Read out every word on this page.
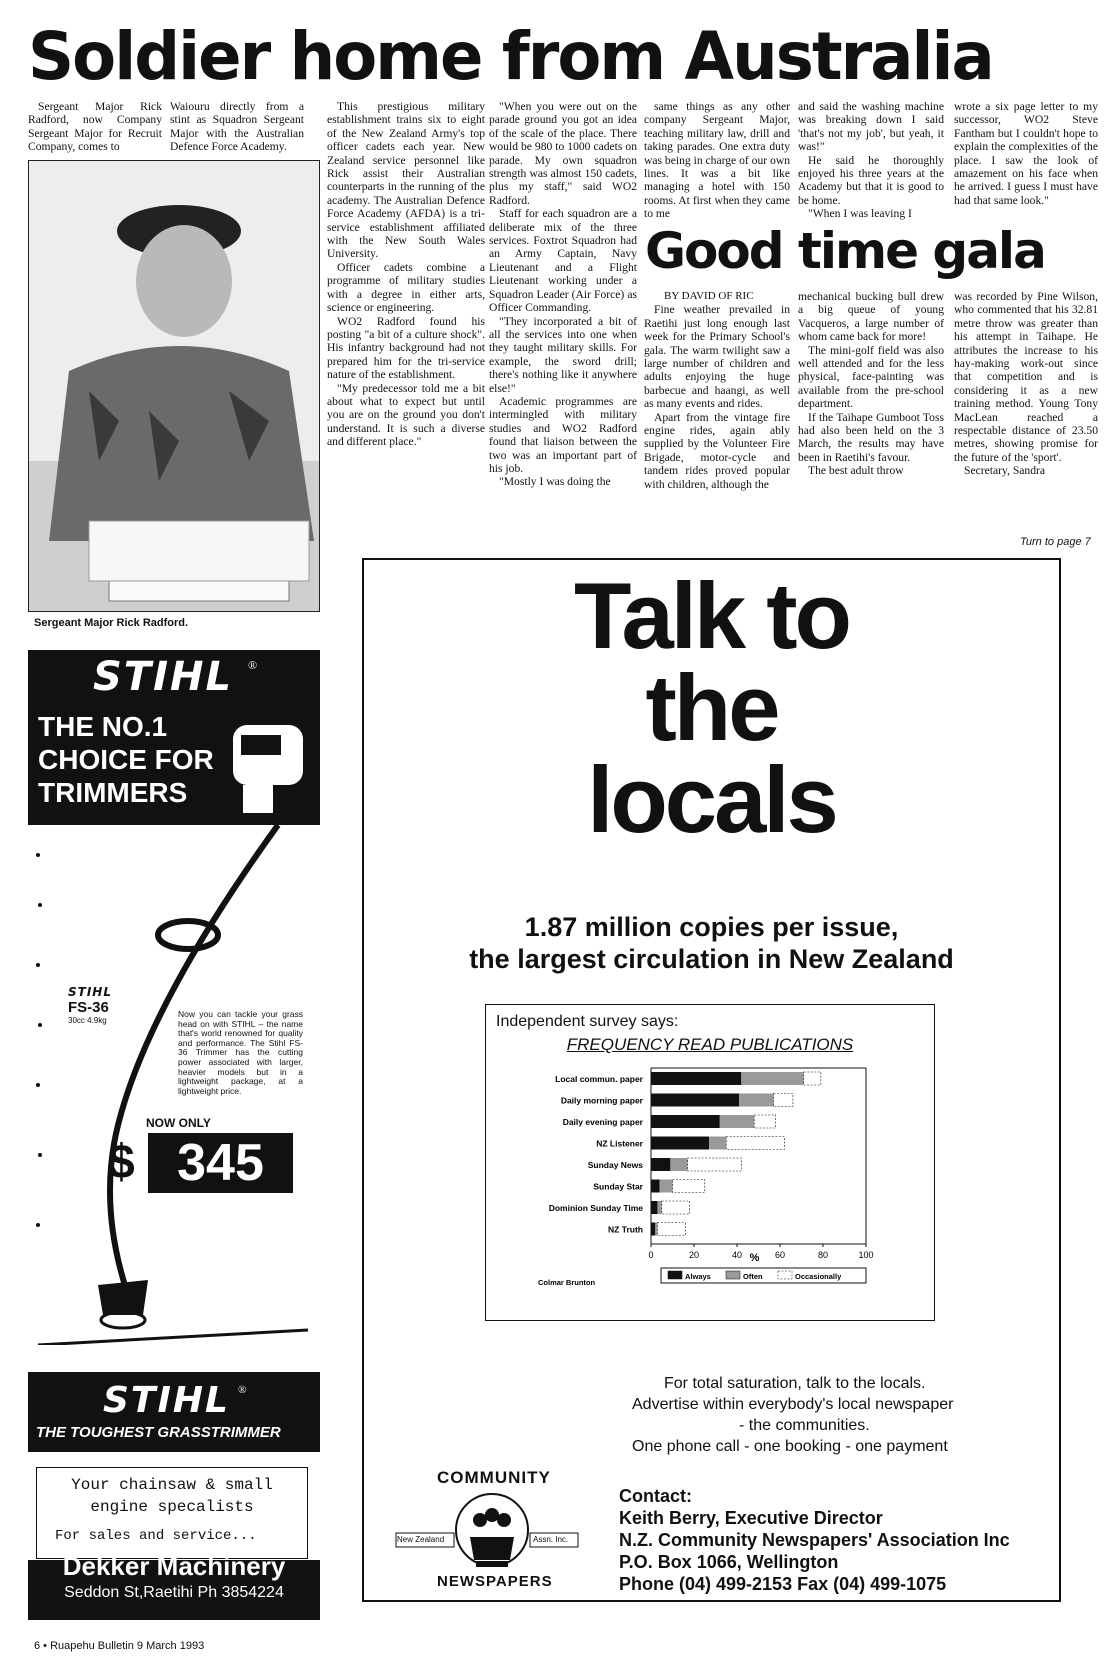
Soldier home from Australia

Sergeant Major Rick Radford, now Company Sergeant Major for Recruit Company, comes to

Waiouru directly from a stint as Squadron Sergeant Major with the Australian Defence Force Academy.

Sergeant Major Rick Radford.

This prestigious military establishment trains six to eight of the New Zealand Army's top officer cadets each year. New Zealand service personnel like Rick assist their Australian counterparts in the running of the academy. The Australian Defence Force Academy (AFDA) is a tri-service establishment affiliated with the New South Wales University.

Officer cadets combine a programme of military studies with a degree in either arts, science or engineering.

WO2 Radford found his posting "a bit of a culture shock". His infantry background had not prepared him for the tri-service nature of the establishment.

"My predecessor told me a bit about what to expect but until you are on the ground you don't understand. It is such a diverse and different place."

"When you were out on the parade ground you got an idea of the scale of the place. There would be 980 to 1000 cadets on parade. My own squadron strength was almost 150 cadets, plus my staff," said WO2 Radford.

Staff for each squadron are a deliberate mix of the three services. Foxtrot Squadron had an Army Captain, Navy Lieutenant and a Flight Lieutenant working under a Squadron Leader (Air Force) as Officer Commanding.

"They incorporated a bit of all the services into one when they taught military skills. For example, the sword drill; there's nothing like it anywhere else!"

Academic programmes are intermingled with military studies and WO2 Radford found that liaison between the two was an important part of his job.

"Mostly I was doing the

same things as any other company Sergeant Major, teaching military law, drill and taking parades. One extra duty was being in charge of our own lines. It was a bit like managing a hotel with 150 rooms. At first when they came to me

and said the washing machine was breaking down I said 'that's not my job', but yeah, it was!"

He said he thoroughly enjoyed his three years at the Academy but that it is good to be home.

"When I was leaving I

wrote a six page letter to my successor, WO2 Steve Fantham but I couldn't hope to explain the complexities of the place. I saw the look of amazement on his face when he arrived. I guess I must have had that same look."

Good time gala

BY DAVID OF RIC

Fine weather prevailed in Raetihi just long enough last week for the Primary School's gala. The warm twilight saw a large number of children and adults enjoying the huge barbecue and haangi, as well as many events and rides.

Apart from the vintage fire engine rides, again ably supplied by the Volunteer Fire Brigade, motor-cycle and tandem rides proved popular with children, although the

mechanical bucking bull drew a big queue of young Vacqueros, a large number of whom came back for more!

The mini-golf field was also well attended and for the less physical, face-painting was available from the pre-school department.

If the Taihape Gumboot Toss had also been held on the 3 March, the results may have been in Raetihi's favour.

The best adult throw

was recorded by Pine Wilson, who commented that his 32.81 metre throw was greater than his attempt in Taihape. He attributes the increase to his hay-making work-out since that competition and is considering it as a new training method. Young Tony MacLean reached a respectable distance of 23.50 metres, showing promise for the future of the 'sport'.

Secretary, Sandra

Turn to page 7
STIHL ®
THE NO.1
CHOICE FOR
TRIMMERS
STIHL
FS-36
30cc 4.9kg
Now you can tackle your grass head on with STIHL – the name that's world renowned for quality and performance. The Stihl FS-36 Trimmer has the cutting power associated with larger, heavier models but in a lightweight package, at a lightweight price.
NOW ONLY
$ 345
STIHL ®
THE TOUGHEST GRASSTRIMMER
Your chainsaw & small
engine specalists
For sales and service...
Dekker Machinery
Seddon St,Raetihi Ph 3854224
Talk to
the
locals
1.87 million copies per issue,
the largest circulation in New Zealand
Independent survey says:
FREQUENCY READ PUBLICATIONS
Local commun. paper
Daily morning paper
Daily evening paper
NZ Listener
Sunday News
Sunday Star
Dominion Sunday Time
NZ Truth
0	20	40	60	80	100
%
Always	Often	Occasionally
Colmar Brunton
For total saturation, talk to the locals.
Advertise within everybody's local newspaper
- the communities.
One phone call - one booking - one payment
COMMUNITY
NEWSPAPERS
New Zealand	Assn. Inc.
Contact:
Keith Berry, Executive Director
N.Z. Community Newspapers' Association Inc
P.O. Box 1066, Wellington
Phone (04) 499-2153 Fax (04) 499-1075
6 • Ruapehu Bulletin 9 March 1993
